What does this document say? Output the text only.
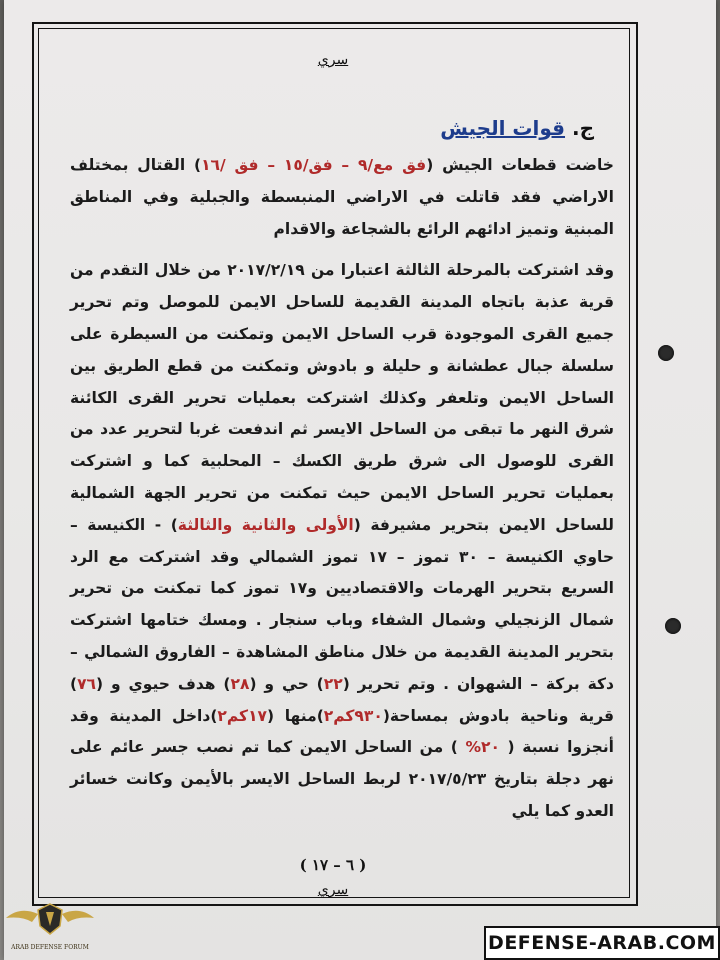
سري
ج. قوات الجيش

خاضت قطعات الجيش (فق مع/٩ – فق/١٥ – فق /١٦) القتال بمختلف الاراضي فقد قاتلت في الاراضي المنبسطة والجبلية وفي المناطق المبنية وتميز ادائهم الرائع بالشجاعة والاقدام

وقد اشتركت بالمرحلة الثالثة اعتبارا من ٢٠١٧/٢/١٩ من خلال التقدم من قرية عذبة باتجاه المدينة القديمة للساحل الايمن للموصل وتم تحرير جميع القرى الموجودة قرب الساحل الايمن وتمكنت من السيطرة على سلسلة جبال عطشانة و حليلة و بادوش وتمكنت من قطع الطريق بين الساحل الايمن وتلعفر وكذلك اشتركت بعمليات تحرير القرى الكائنة شرق النهر ما تبقى من الساحل الايسر ثم اندفعت غربا لتحرير عدد من القرى للوصول الى شرق طريق الكسك – المحلبية كما و اشتركت بعمليات تحرير الساحل الايمن حيث تمكنت من تحرير الجهة الشمالية للساحل الايمن بتحرير مشيرفة (الأولى والثانية والثالثة) - الكنيسة – حاوي الكنيسة – ٣٠ تموز – ١٧ تموز الشمالي وقد اشتركت مع الرد السريع بتحرير الهرمات والاقتصاديين و١٧ تموز كما تمكنت من تحرير شمال الزنجيلي وشمال الشفاء وباب سنجار . ومسك ختامها اشتركت بتحرير المدينة القديمة من خلال مناطق المشاهدة – الفاروق الشمالي – دكة بركة – الشهوان . وتم تحرير (٢٢) حي و (٢٨) هدف حيوي و (٧٦) قرية وناحية بادوش بمساحة(٩٣٠كم٢)منها (١٧كم٢)داخل المدينة وقد أنجزوا نسبة ( ٢٠% ) من الساحل الايمن كما تم نصب جسر عائم على نهر دجلة بتاريخ ٢٠١٧/٥/٢٣ لربط الساحل الايسر بالأيمن وكانت خسائر العدو كما يلي

( ٦ – ١٧ )
سري
ARAB DEFENSE FORUM	DEFENSE-ARAB.COM
